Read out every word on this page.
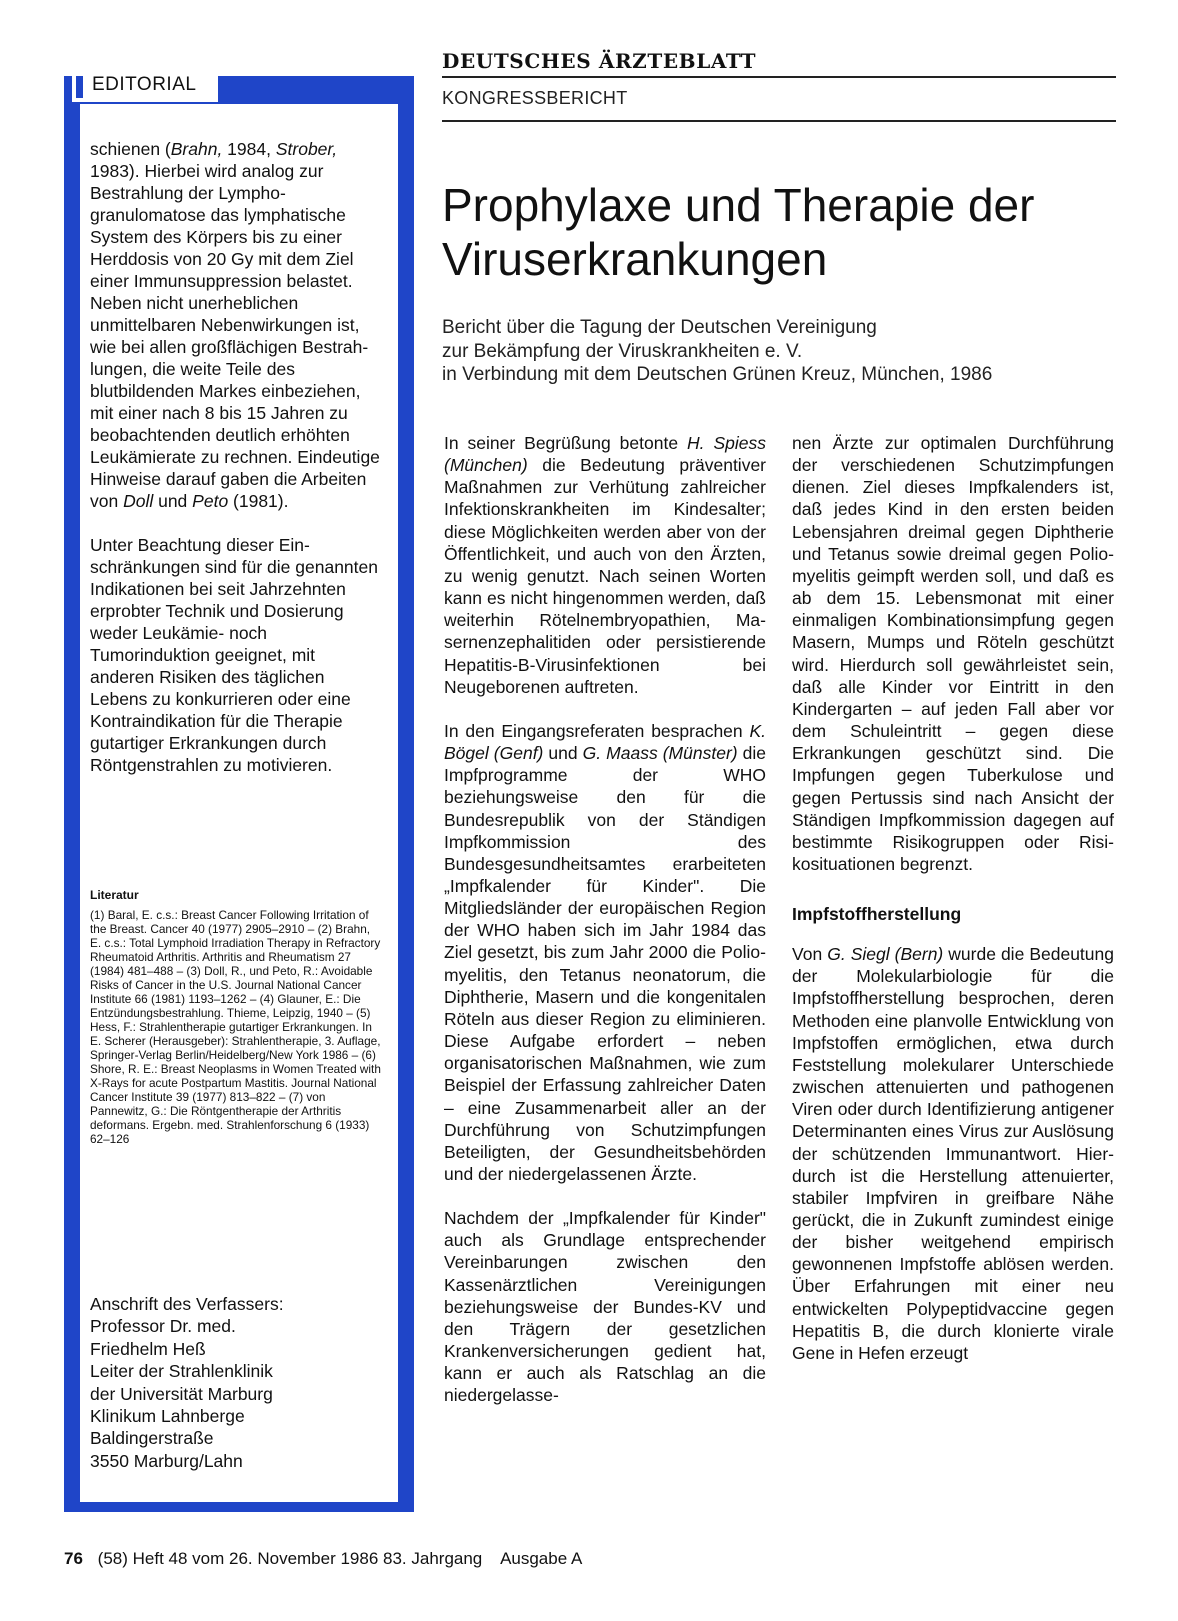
DEUTSCHES ÄRZTEBLATT
KONGRESSBERICHT
EDITORIAL

schienen (Brahn, 1984, Strober, 1983). Hierbei wird analog zur Bestrahlung der Lymphogranulomatose das lymphatische System des Körpers bis zu einer Herddosis von 20 Gy mit dem Ziel einer Immunsuppression belastet. Neben nicht unerheblichen unmittelbaren Nebenwirkungen ist, wie bei allen großflächigen Bestrahlungen, die weite Teile des blutbildenden Markes einbeziehen, mit einer nach 8 bis 15 Jahren zu beobachtenden deutlich erhöhten Leukämierate zu rechnen. Eindeutige Hinweise darauf gaben die Arbeiten von Doll und Peto (1981).

Unter Beachtung dieser Einschränkungen sind für die genannten Indikationen bei seit Jahrzehnten erprobter Technik und Dosierung weder Leukämie- noch Tumorinduktion geeignet, mit anderen Risiken des täglichen Lebens zu konkurrieren oder eine Kontraindikation für die Therapie gutartiger Erkrankungen durch Röntgenstrahlen zu motivieren.

Literatur

(1) Baral, E. c.s.: Breast Cancer Following Irritation of the Breast. Cancer 40 (1977) 2905–2910 – (2) Brahn, E. c.s.: Total Lymphoid Irradiation Therapy in Refractory Rheumatoid Arthritis. Arthritis and Rheumatism 27 (1984) 481–488 – (3) Doll, R., und Peto, R.: Avoidable Risks of Cancer in the U.S. Journal National Cancer Institute 66 (1981) 1193–1262 – (4) Glauner, E.: Die Entzündungsbestrahlung. Thieme, Leipzig, 1940 – (5) Hess, F.: Strahlentherapie gutartiger Erkrankungen. In E. Scherer (Herausgeber): Strahlentherapie, 3. Auflage, Springer-Verlag Berlin/Heidelberg/New York 1986 – (6) Shore, R. E.: Breast Neoplasms in Women Treated with X-Rays for acute Postpartum Mastitis. Journal National Cancer Institute 39 (1977) 813–822 – (7) von Pannewitz, G.: Die Röntgentherapie der Arthritis deformans. Ergebn. med. Strahlenforschung 6 (1933) 62–126

Anschrift des Verfassers:
Professor Dr. med.
Friedhelm Heß
Leiter der Strahlenklinik
der Universität Marburg
Klinikum Lahnberge
Baldingerstraße
3550 Marburg/Lahn
Prophylaxe und Therapie der Viruserkrankungen
Bericht über die Tagung der Deutschen Vereinigung
zur Bekämpfung der Viruskrankheiten e. V.
in Verbindung mit dem Deutschen Grünen Kreuz, München, 1986

In seiner Begrüßung betonte H. Spiess (München) die Bedeutung präventiver Maßnahmen zur Verhütung zahlreicher Infektionskrankheiten im Kindesalter; diese Möglichkeiten werden aber von der Öffentlichkeit, und auch von den Ärzten, zu wenig genutzt. Nach seinen Worten kann es nicht hingenommen werden, daß weiterhin Rötelnembryopathien, Masernenzephalitiden oder persistierende Hepatitis-B-Virusinfektionen bei Neugeborenen auftreten.

In den Eingangsreferaten besprachen K. Bögel (Genf) und G. Maass (Münster) die Impfprogramme der WHO beziehungsweise den für die Bundesrepublik von der Ständigen Impfkommission des Bundesgesundheitsamtes erarbeiteten „Impfkalender für Kinder". Die Mitgliedsländer der europäischen Region der WHO haben sich im Jahr 1984 das Ziel gesetzt, bis zum Jahr 2000 die Poliomyelitis, den Tetanus neonatorum, die Diphtherie, Masern und die kongenitalen Röteln aus dieser Region zu eliminieren. Diese Aufgabe erfordert – neben organisatorischen Maßnahmen, wie zum Beispiel der Erfassung zahlreicher Daten – eine Zusammenarbeit aller an der Durchführung von Schutzimpfungen Beteiligten, der Gesundheitsbehörden und der niedergelassenen Ärzte.

Nachdem der „Impfkalender für Kinder" auch als Grundlage entsprechender Vereinbarungen zwischen den Kassenärztlichen Vereinigungen beziehungsweise der Bundes-KV und den Trägern der gesetzlichen Krankenversicherungen gedient hat, kann er auch als Ratschlag an die niedergelasse-

nen Ärzte zur optimalen Durchführung der verschiedenen Schutzimpfungen dienen. Ziel dieses Impfkalenders ist, daß jedes Kind in den ersten beiden Lebensjahren dreimal gegen Diphtherie und Tetanus sowie dreimal gegen Poliomyelitis geimpft werden soll, und daß es ab dem 15. Lebensmonat mit einer einmaligen Kombinationsimpfung gegen Masern, Mumps und Röteln geschützt wird. Hierdurch soll gewährleistet sein, daß alle Kinder vor Eintritt in den Kindergarten – auf jeden Fall aber vor dem Schuleintritt – gegen diese Erkrankungen geschützt sind. Die Impfungen gegen Tuberkulose und gegen Pertussis sind nach Ansicht der Ständigen Impfkommission dagegen auf bestimmte Risikogruppen oder Risikosituationen begrenzt.

Impfstoffherstellung

Von G. Siegl (Bern) wurde die Bedeutung der Molekularbiologie für die Impfstoffherstellung besprochen, deren Methoden eine planvolle Entwicklung von Impfstoffen ermöglichen, etwa durch Feststellung molekularer Unterschiede zwischen attenuierten und pathogenen Viren oder durch Identifizierung antigener Determinanten eines Virus zur Auslösung der schützenden Immunantwort. Hierdurch ist die Herstellung attenuierter, stabiler Impfviren in greifbare Nähe gerückt, die in Zukunft zumindest einige der bisher weitgehend empirisch gewonnenen Impfstoffe ablösen werden. Über Erfahrungen mit einer neu entwickelten Polypeptidvaccine gegen Hepatitis B, die durch klonierte virale Gene in Hefen erzeugt

76 (58) Heft 48 vom 26. November 1986 83. Jahrgang Ausgabe A
